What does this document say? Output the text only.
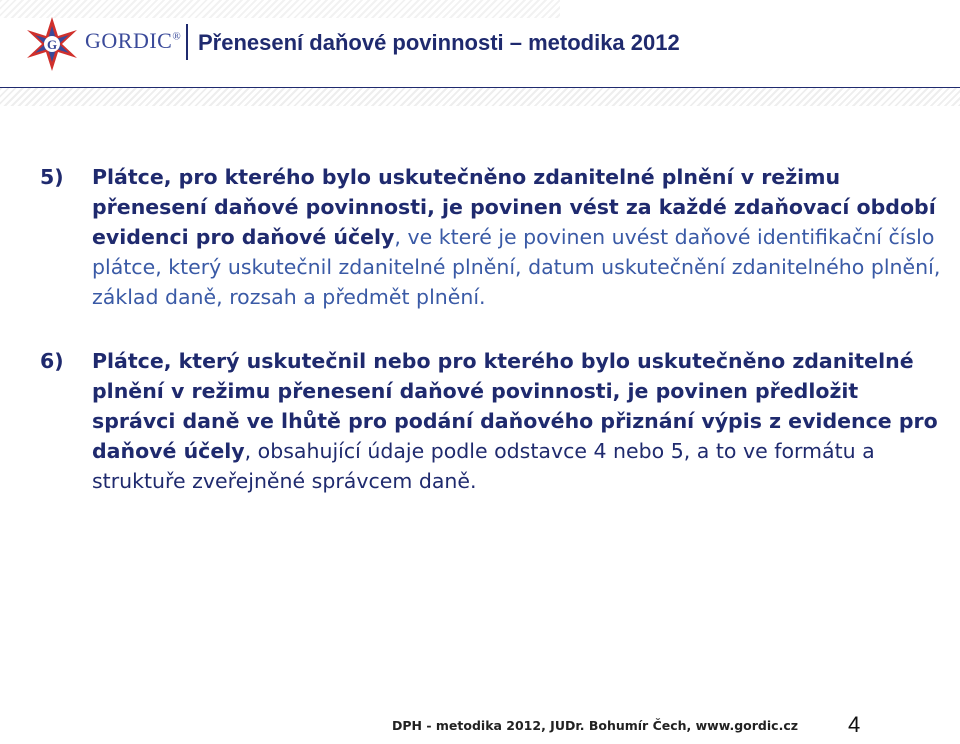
G GORDIC® Přenesení daňové povinnosti – metodika 2012
5)	Plátce, pro kterého bylo uskutečněno zdanitelné plnění v režimu přenesení daňové povinnosti, je povinen vést za každé zdaňovací období evidenci pro daňové účely, ve které je povinen uvést daňové identifikační číslo plátce, který uskutečnil zdanitelné plnění, datum uskutečnění zdanitelného plnění, základ daně, rozsah a předmět plnění.
6)	Plátce, který uskutečnil nebo pro kterého bylo uskutečněno zdanitelné plnění v režimu přenesení daňové povinnosti, je povinen předložit správci daně ve lhůtě pro podání daňového přiznání výpis z evidence pro daňové účely, obsahující údaje podle odstavce 4 nebo 5, a to ve formátu a struktuře zveřejněné správcem daně.
DPH - metodika 2012, JUDr. Bohumír Čech, www.gordic.cz 4
